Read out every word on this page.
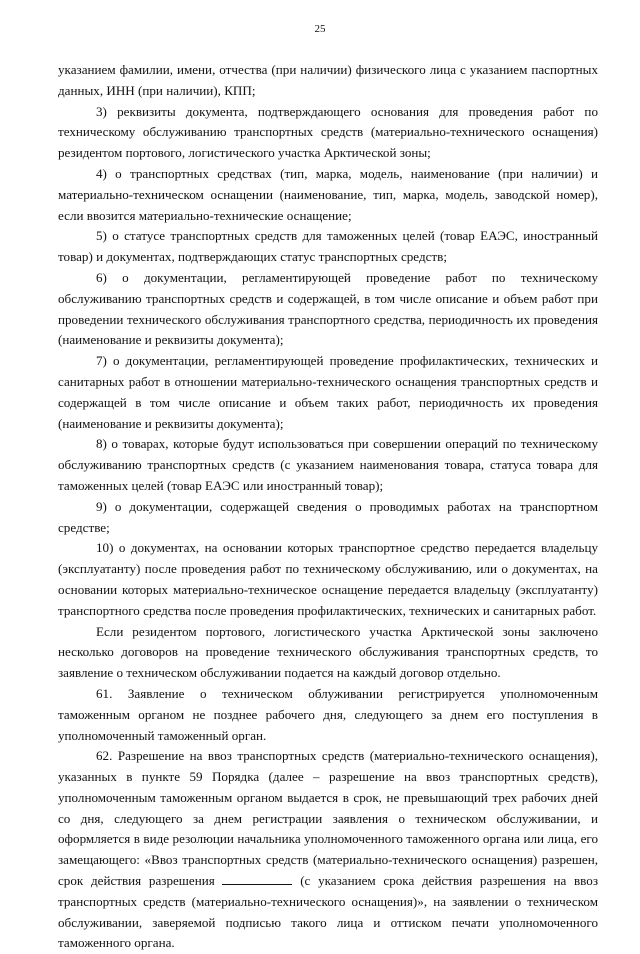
25

указанием фамилии, имени, отчества (при наличии) физического лица с указанием паспортных данных, ИНН (при наличии), КПП;

3) реквизиты документа, подтверждающего основания для проведения работ по техническому обслуживанию транспортных средств (материально-технического оснащения) резидентом портового, логистического участка Арктической зоны;

4) о транспортных средствах (тип, марка, модель, наименование (при наличии) и материально-техническом оснащении (наименование, тип, марка, модель, заводской номер), если ввозится материально-технические оснащение;

5) о статусе транспортных средств для таможенных целей (товар ЕАЭС, иностранный товар) и документах, подтверждающих статус транспортных средств;

6) о документации, регламентирующей проведение работ по техническому обслуживанию транспортных средств и содержащей, в том числе описание и объем работ при проведении технического обслуживания транспортного средства, периодичность их проведения (наименование и реквизиты документа);

7) о документации, регламентирующей проведение профилактических, технических и санитарных работ в отношении материально-технического оснащения транспортных средств и содержащей в том числе описание и объем таких работ, периодичность их проведения (наименование и реквизиты документа);

8) о товарах, которые будут использоваться при совершении операций по техническому обслуживанию транспортных средств (с указанием наименования товара, статуса товара для таможенных целей (товар ЕАЭС или иностранный товар);

9) о документации, содержащей сведения о проводимых работах на транспортном средстве;

10) о документах, на основании которых транспортное средство передается владельцу (эксплуатанту) после проведения работ по техническому обслуживанию, или о документах, на основании которых материально-техническое оснащение передается владельцу (эксплуатанту) транспортного средства после проведения профилактических, технических и санитарных работ.

Если резидентом портового, логистического участка Арктической зоны заключено несколько договоров на проведение технического обслуживания транспортных средств, то заявление о техническом обслуживании подается на каждый договор отдельно.

61. Заявление о техническом облуживании регистрируется уполномоченным таможенным органом не позднее рабочего дня, следующего за днем его поступления в уполномоченный таможенный орган.

62. Разрешение на ввоз транспортных средств (материально-технического оснащения), указанных в пункте 59 Порядка (далее – разрешение на ввоз транспортных средств), уполномоченным таможенным органом выдается в срок, не превышающий трех рабочих дней со дня, следующего за днем регистрации заявления о техническом обслуживании, и оформляется в виде резолюции начальника уполномоченного таможенного органа или лица, его замещающего: «Ввоз транспортных средств (материально-технического оснащения) разрешен, срок действия разрешения	(с указанием срока действия разрешения на ввоз транспортных средств (материально-технического оснащения)», на заявлении о техническом обслуживании, заверяемой подписью такого лица и оттиском печати уполномоченного таможенного органа.
